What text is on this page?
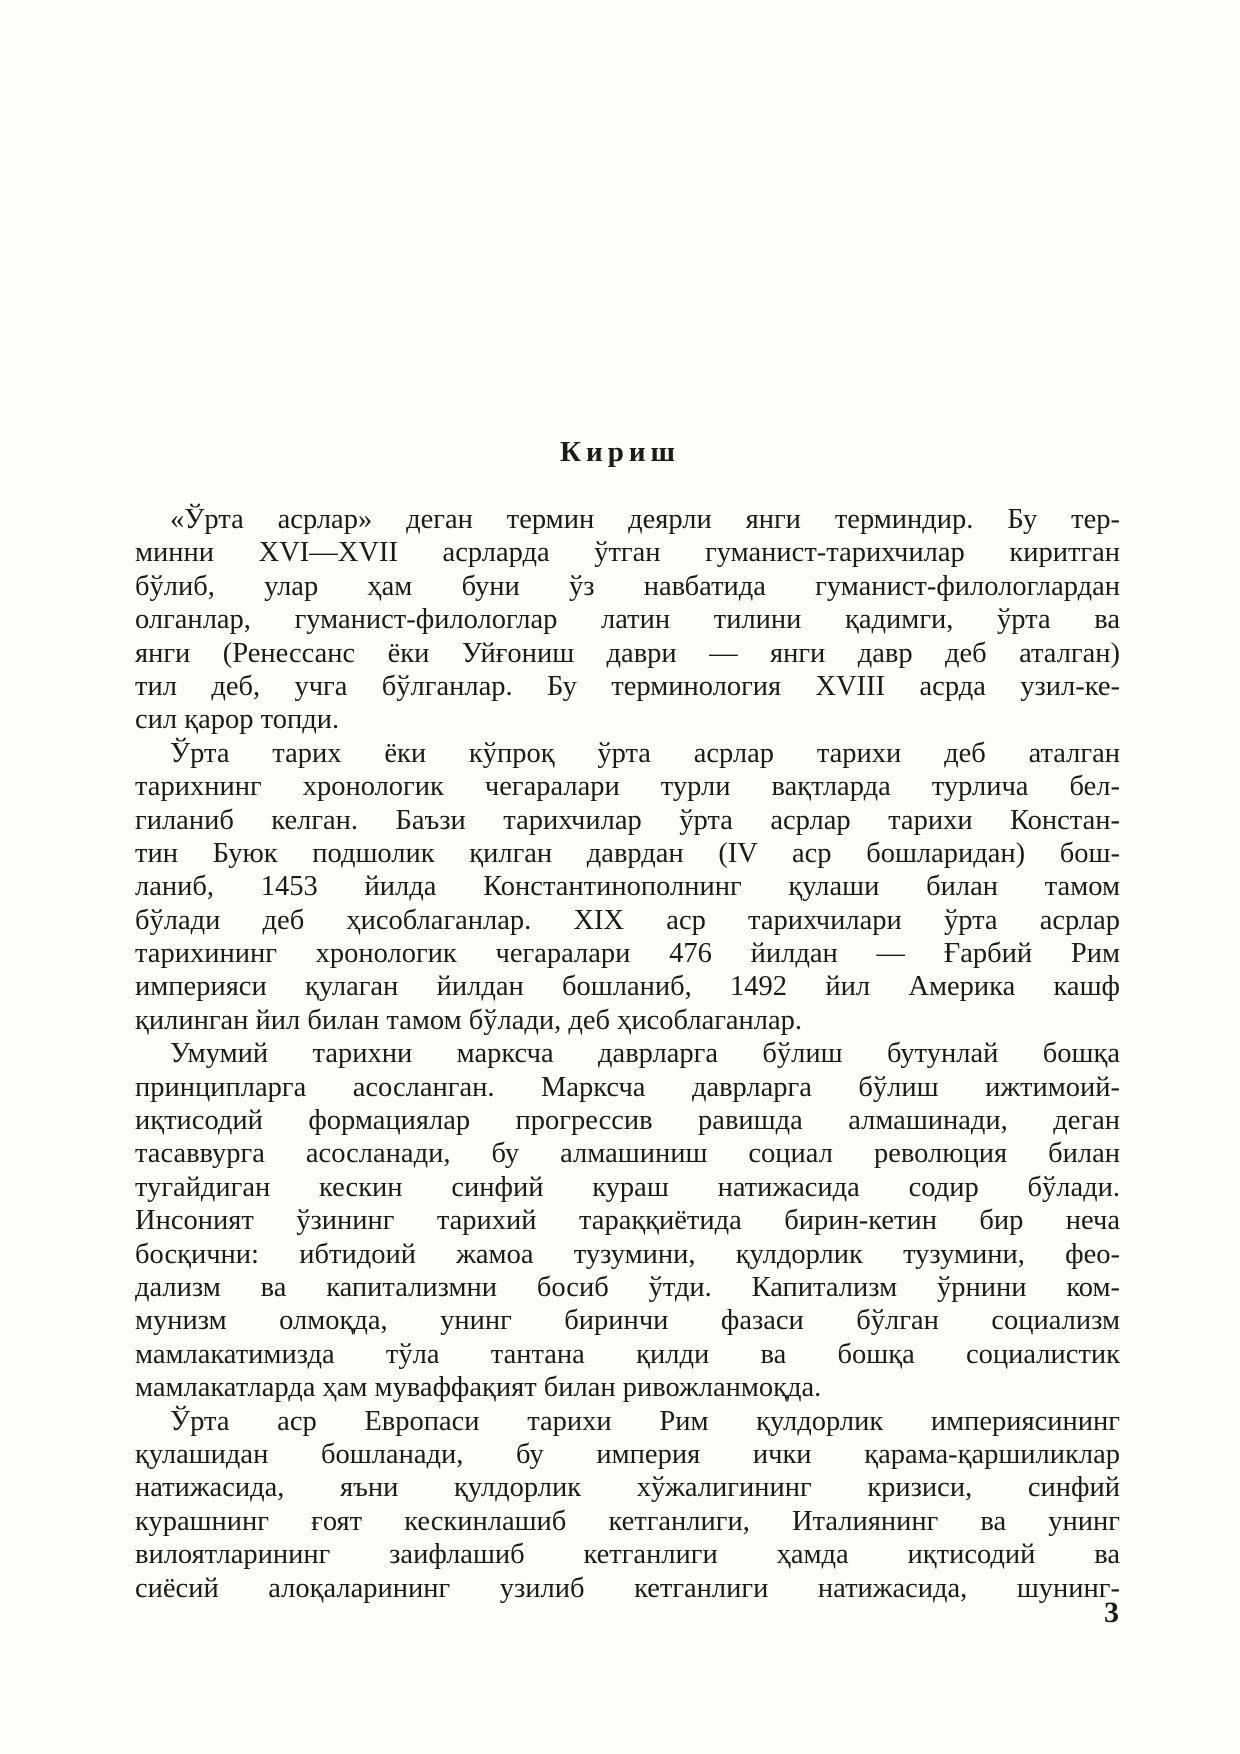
Кириш
«Ўрта асрлар» деган термин деярли янги терминдир. Бу тер-
минни XVI—XVII асрларда ўтган гуманист-тарихчилар киритган
бўлиб, улар ҳам буни ўз навбатида гуманист-филологлардан
олганлар, гуманист-филологлар латин тилини қадимги, ўрта ва
янги (Ренессанс ёки Уйғониш даври — янги давр деб аталган)
тил деб, учга бўлганлар. Бу терминология XVIII асрда узил-ке-
сил қарор топди.
Ўрта тарих ёки кўпроқ ўрта асрлар тарихи деб аталган
тарихнинг хронологик чегаралари турли вақтларда турлича бел-
гиланиб келган. Баъзи тарихчилар ўрта асрлар тарихи Констан-
тин Буюк подшолик қилган даврдан (IV аср бошларидан) бош-
ланиб, 1453 йилда Константинополнинг қулаши билан тамом
бўлади деб ҳисоблаганлар. XIX аср тарихчилари ўрта асрлар
тарихининг хронологик чегаралари 476 йилдан — Ғарбий Рим
империяси қулаган йилдан бошланиб, 1492 йил Америка кашф
қилинган йил билан тамом бўлади, деб ҳисоблаганлар.
Умумий тарихни марксча даврларга бўлиш бутунлай бошқа
принципларга асосланган. Марксча даврларга бўлиш ижтимоий-
иқтисодий формациялар прогрессив равишда алмашинади, деган
тасаввурга асосланади, бу алмашиниш социал революция билан
тугайдиган кескин синфий кураш натижасида содир бўлади.
Инсоният ўзининг тарихий тараққиётида бирин-кетин бир неча
босқични: ибтидоий жамоа тузумини, қулдорлик тузумини, фео-
дализм ва капитализмни босиб ўтди. Капитализм ўрнини ком-
мунизм олмоқда, унинг биринчи фазаси бўлган социализм
мамлакатимизда тўла тантана қилди ва бошқа социалистик
мамлакатларда ҳам муваффақият билан ривожланмоқда.
Ўрта аср Европаси тарихи Рим қулдорлик империясининг
қулашидан бошланади, бу империя ички қарама-қаршиликлар
натижасида, яъни қулдорлик хўжалигининг кризиси, синфий
курашнинг ғоят кескинлашиб кетганлиги, Италиянинг ва унинг
вилоятларининг заифлашиб кетганлиги ҳамда иқтисодий ва
сиёсий алоқаларининг узилиб кетганлиги натижасида, шунинг-
3
